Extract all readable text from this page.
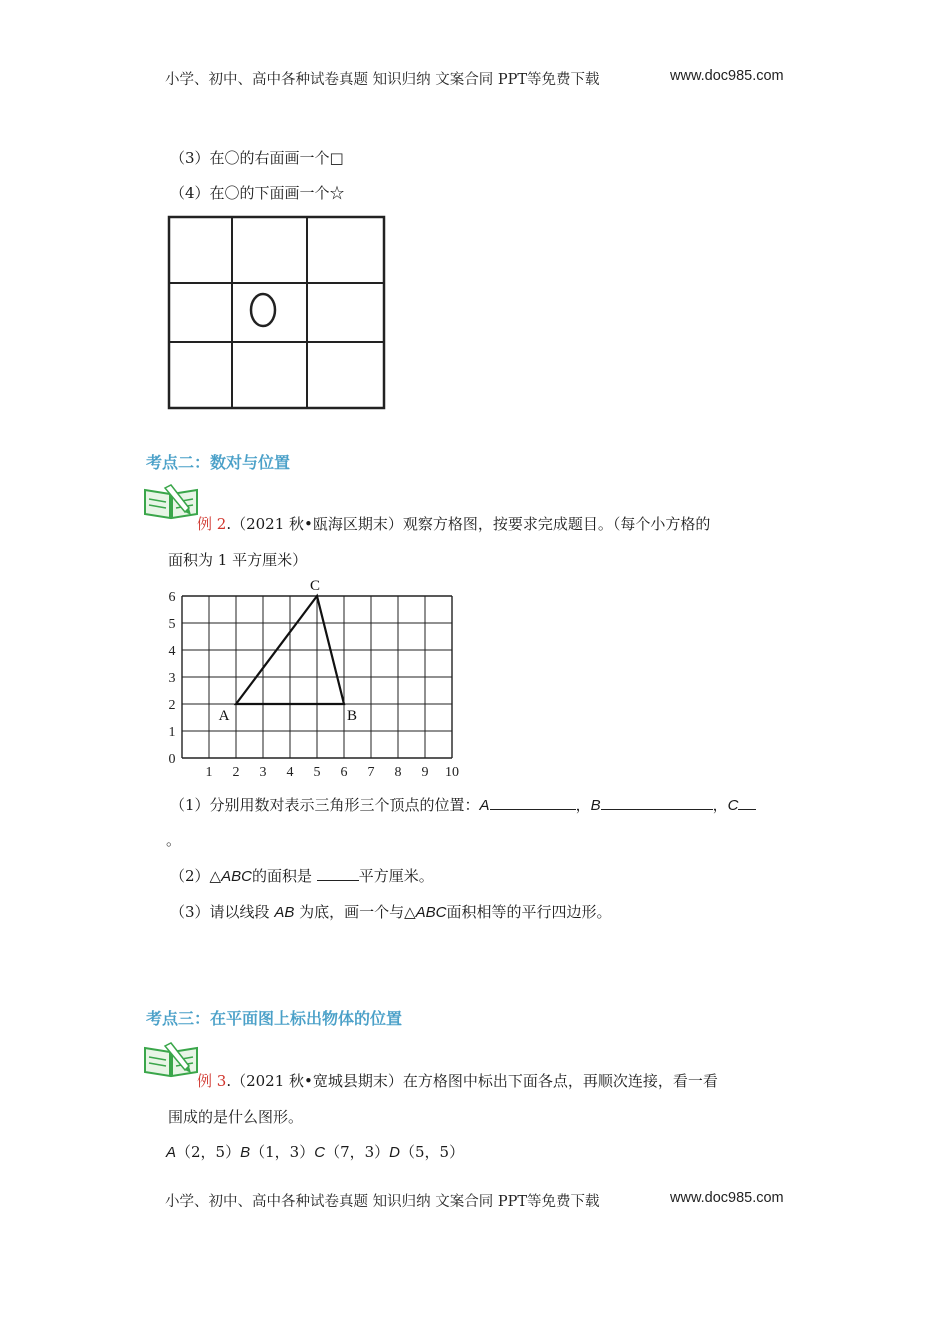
小学、初中、高中各种试卷真题 知识归纳 文案合同 PPT等免费下载	www.doc985.com
（3）在〇的右面画一个□
（4）在〇的下面画一个☆
考点二：数对与位置
例 2.（2021 秋•瓯海区期末）观察方格图，按要求完成题目。（每个小方格的
面积为 1 平方厘米）
1 2 3 4 5 6 7 8 9 10
0
1
2
3
4
5
6
A	B
C
（1）分别用数对表示三角形三个顶点的位置：A	，B	，C
。
（2）△ABC的面积是	平方厘米。
（3）请以线段 AB 为底，画一个与△ABC面积相等的平行四边形。
考点三：在平面图上标出物体的位置
例 3.（2021 秋•宽城县期末）在方格图中标出下面各点，再顺次连接，看一看
围成的是什么图形。
A（2，5）B（1，3）C（7，3）D（5，5）
小学、初中、高中各种试卷真题 知识归纳 文案合同 PPT等免费下载	www.doc985.com
